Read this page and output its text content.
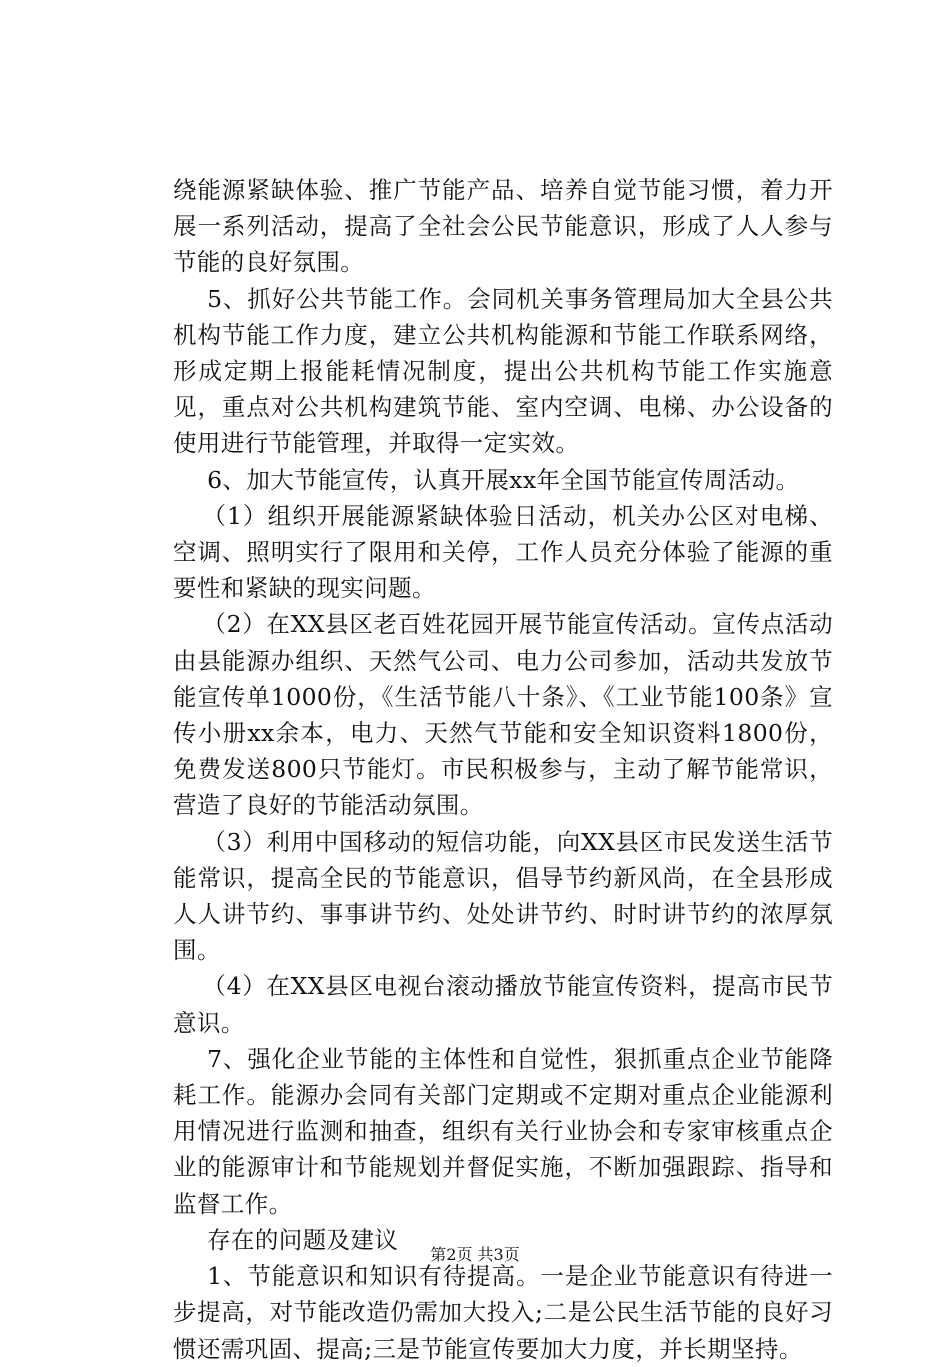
绕能源紧缺体验、推广节能产品、培养自觉节能习惯，着力开展一系列活动，提高了全社会公民节能意识，形成了人人参与节能的良好氛围。

5、抓好公共节能工作。会同机关事务管理局加大全县公共机构节能工作力度，建立公共机构能源和节能工作联系网络，形成定期上报能耗情况制度，提出公共机构节能工作实施意见，重点对公共机构建筑节能、室内空调、电梯、办公设备的使用进行节能管理，并取得一定实效。

6、加大节能宣传，认真开展xx年全国节能宣传周活动。

（1）组织开展能源紧缺体验日活动，机关办公区对电梯、空调、照明实行了限用和关停，工作人员充分体验了能源的重要性和紧缺的现实问题。

（2）在XX县区老百姓花园开展节能宣传活动。宣传点活动由县能源办组织、天然气公司、电力公司参加，活动共发放节能宣传单1000份，《生活节能八十条》、《工业节能100条》宣传小册xx余本，电力、天然气节能和安全知识资料1800份，免费发送800只节能灯。市民积极参与，主动了解节能常识，营造了良好的节能活动氛围。

（3）利用中国移动的短信功能，向XX县区市民发送生活节能常识，提高全民的节能意识，倡导节约新风尚，在全县形成人人讲节约、事事讲节约、处处讲节约、时时讲节约的浓厚氛围。

（4）在XX县区电视台滚动播放节能宣传资料，提高市民节意识。

7、强化企业节能的主体性和自觉性，狠抓重点企业节能降耗工作。能源办会同有关部门定期或不定期对重点企业能源利用情况进行监测和抽查，组织有关行业协会和专家审核重点企业的能源审计和节能规划并督促实施，不断加强跟踪、指导和监督工作。

存在的问题及建议

1、节能意识和知识有待提高。一是企业节能意识有待进一步提高，对节能改造仍需加大投入;二是公民生活节能的良好习惯还需巩固、提高;三是节能宣传要加大力度，并长期坚持。

第2页 共3页
